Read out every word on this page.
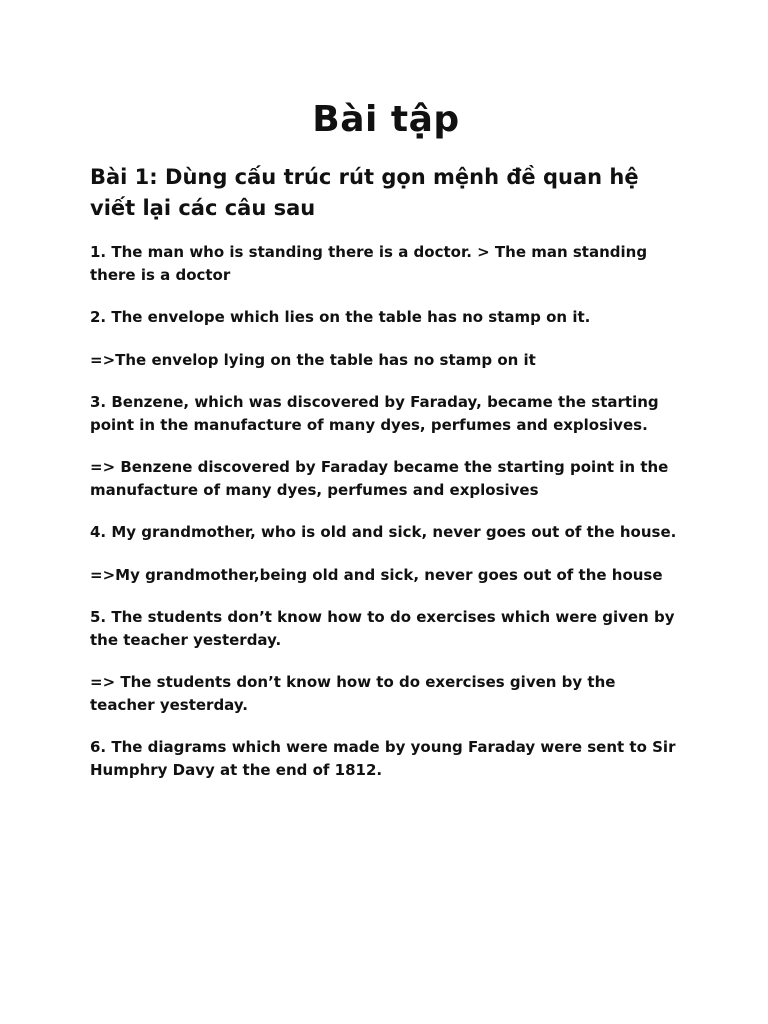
Bài tập
Bài 1: Dùng cấu trúc rút gọn mệnh đề quan hệ viết lại các câu sau

1. The man who is standing there is a doctor. > The man standing there is a doctor

2. The envelope which lies on the table has no stamp on it.

=>The envelop lying on the table has no stamp on it

3. Benzene, which was discovered by Faraday, became the starting point in the manufacture of many dyes, perfumes and explosives.

=> Benzene discovered by Faraday became the starting point in the manufacture of many dyes, perfumes and explosives

4. My grandmother, who is old and sick, never goes out of the house.

=>My grandmother,being old and sick, never goes out of the house

5. The students don’t know how to do exercises which were given by the teacher yesterday.

=> The students don’t know how to do exercises given by the teacher yesterday.

6. The diagrams which were made by young Faraday were sent to Sir Humphry Davy at the end of 1812.
